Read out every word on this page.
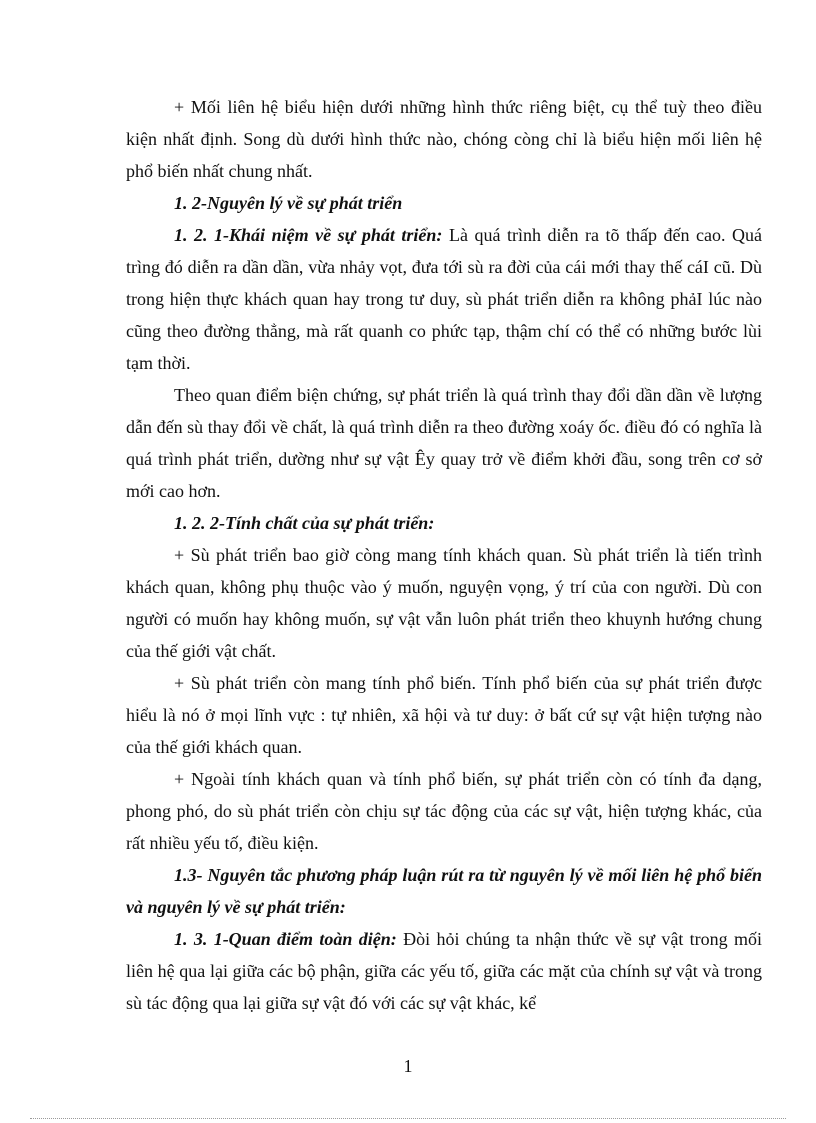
+ Mối liên hệ biểu hiện dưới những hình thức riêng biệt, cụ thể tuỳ theo điều kiện nhất định. Song dù dưới hình thức nào, chóng còng chỉ là biểu hiện mối liên hệ phổ biến nhất chung nhất.

1. 2-Nguyên lý về sự phát triển

1. 2. 1-Khái niệm về sự phát triển: Là quá trình diễn ra tõ thấp đến cao. Quá trìng đó diễn ra dần dần, vừa nhảy vọt, đưa tới sù ra đời của cái mới thay thế cáI cũ. Dù trong hiện thực khách quan hay trong tư duy, sù phát triển diễn ra không phảI lúc nào cũng theo đường thẳng, mà rất quanh co phức tạp, thậm chí có thể có những bước lùi tạm thời.

Theo quan điểm biện chứng, sự phát triển là quá trình thay đổi dần dần về lượng dẫn đến sù thay đổi về chất, là quá trình diễn ra theo đường xoáy ốc. điều đó có nghĩa là quá trình phát triển, dường như sự vật Êy quay trở về điểm khởi đầu, song trên cơ sở mới cao hơn.

1. 2. 2-Tính chất của sự phát triển:

+ Sù phát triển bao giờ còng mang tính khách quan. Sù phát triển là tiến trình khách quan, không phụ thuộc vào ý muốn, nguyện vọng, ý trí của con người. Dù con người có muốn hay không muốn, sự vật vẫn luôn phát triển theo khuynh hướng chung của thế giới vật chất.

+ Sù phát triển còn mang tính phổ biến. Tính phổ biến của sự phát triển được hiểu là nó ở mọi lĩnh vực : tự nhiên, xã hội và tư duy: ở bất cứ sự vật hiện tượng nào của thế giới khách quan.

+ Ngoài tính khách quan và tính phổ biến, sự phát triển còn có tính đa dạng, phong phó, do sù phát triển còn chịu sự tác động của các sự vật, hiện tượng khác, của rất nhiều yếu tố, điều kiện.

1.3- Nguyên tắc phương pháp luận rút ra từ nguyên lý về mối liên hệ phổ biến và nguyên lý về sự phát triển:

1. 3. 1-Quan điểm toàn diện: Đòi hỏi chúng ta nhận thức về sự vật trong mối liên hệ qua lại giữa các bộ phận, giữa các yếu tố, giữa các mặt của chính sự vật và trong sù tác động qua lại giữa sự vật đó với các sự vật khác, kể

1
